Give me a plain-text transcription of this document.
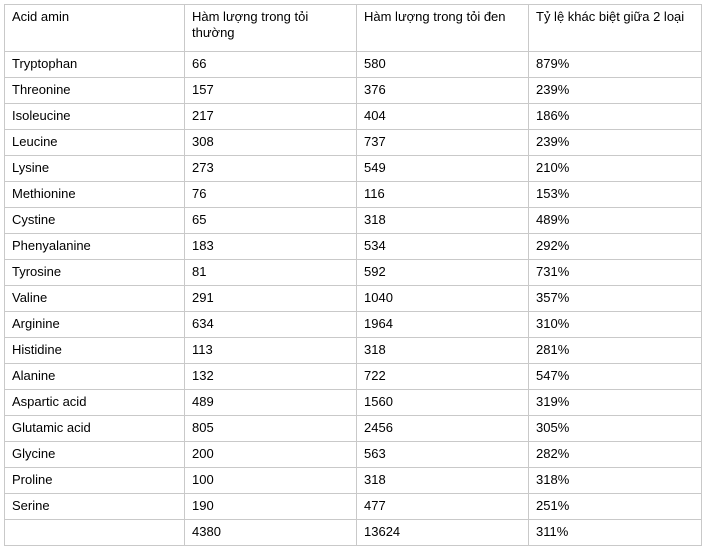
Acid amin	Hàm lượng trong tỏi thường	Hàm lượng trong tỏi đen	Tỷ lệ khác biệt giữa 2 loại
Tryptophan	66	580	879%
Threonine	157	376	239%
Isoleucine	217	404	186%
Leucine	308	737	239%
Lysine	273	549	210%
Methionine	76	116	153%
Cystine	65	318	489%
Phenyalanine	183	534	292%
Tyrosine	81	592	731%
Valine	291	1040	357%
Arginine	634	1964	310%
Histidine	113	318	281%
Alanine	132	722	547%
Aspartic acid	489	1560	319%
Glutamic acid	805	2456	305%
Glycine	200	563	282%
Proline	100	318	318%
Serine	190	477	251%
	4380	13624	311%
